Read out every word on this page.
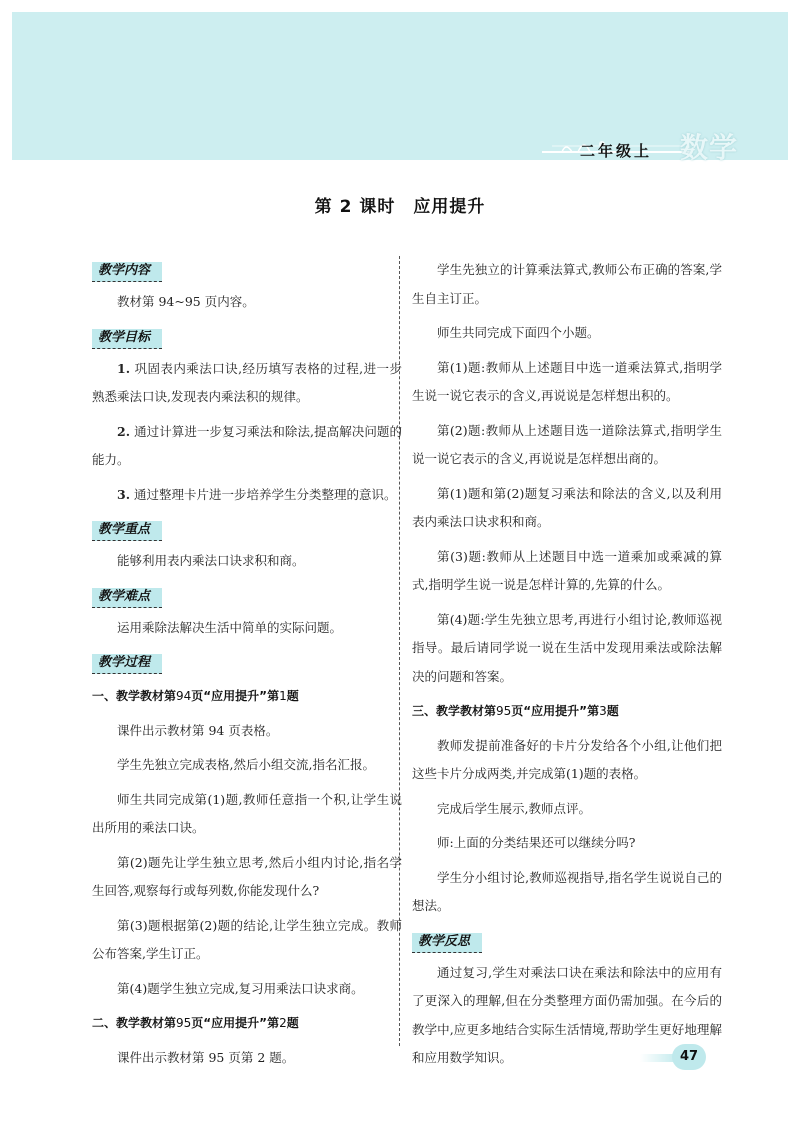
二年级上 数学
第 2 课时　应用提升
教学内容

教材第 94~95 页内容。

教学目标

1. 巩固表内乘法口诀,经历填写表格的过程,进一步熟悉乘法口诀,发现表内乘法积的规律。

2. 通过计算进一步复习乘法和除法,提高解决问题的能力。

3. 通过整理卡片进一步培养学生分类整理的意识。

教学重点

能够利用表内乘法口诀求积和商。

教学难点

运用乘除法解决生活中简单的实际问题。

教学过程
一、教学教材第94页“应用提升”第1题

课件出示教材第 94 页表格。

学生先独立完成表格,然后小组交流,指名汇报。

师生共同完成第(1)题,教师任意指一个积,让学生说出所用的乘法口诀。

第(2)题先让学生独立思考,然后小组内讨论,指名学生回答,观察每行或每列数,你能发现什么?

第(3)题根据第(2)题的结论,让学生独立完成。教师公布答案,学生订正。

第(4)题学生独立完成,复习用乘法口诀求商。

二、教学教材第95页“应用提升”第2题

课件出示教材第 95 页第 2 题。

学生先独立的计算乘法算式,教师公布正确的答案,学生自主订正。

师生共同完成下面四个小题。

第(1)题:教师从上述题目中选一道乘法算式,指明学生说一说它表示的含义,再说说是怎样想出积的。

第(2)题:教师从上述题目选一道除法算式,指明学生说一说它表示的含义,再说说是怎样想出商的。

第(1)题和第(2)题复习乘法和除法的含义,以及利用表内乘法口诀求积和商。

第(3)题:教师从上述题目中选一道乘加或乘减的算式,指明学生说一说是怎样计算的,先算的什么。

第(4)题:学生先独立思考,再进行小组讨论,教师巡视指导。最后请同学说一说在生活中发现用乘法或除法解决的问题和答案。

三、教学教材第95页“应用提升”第3题

教师发提前准备好的卡片分发给各个小组,让他们把这些卡片分成两类,并完成第(1)题的表格。

完成后学生展示,教师点评。

师:上面的分类结果还可以继续分吗?

学生分小组讨论,教师巡视指导,指名学生说说自己的想法。

教学反思

通过复习,学生对乘法口诀在乘法和除法中的应用有了更深入的理解,但在分类整理方面仍需加强。在今后的教学中,应更多地结合实际生活情境,帮助学生更好地理解和应用数学知识。	47
